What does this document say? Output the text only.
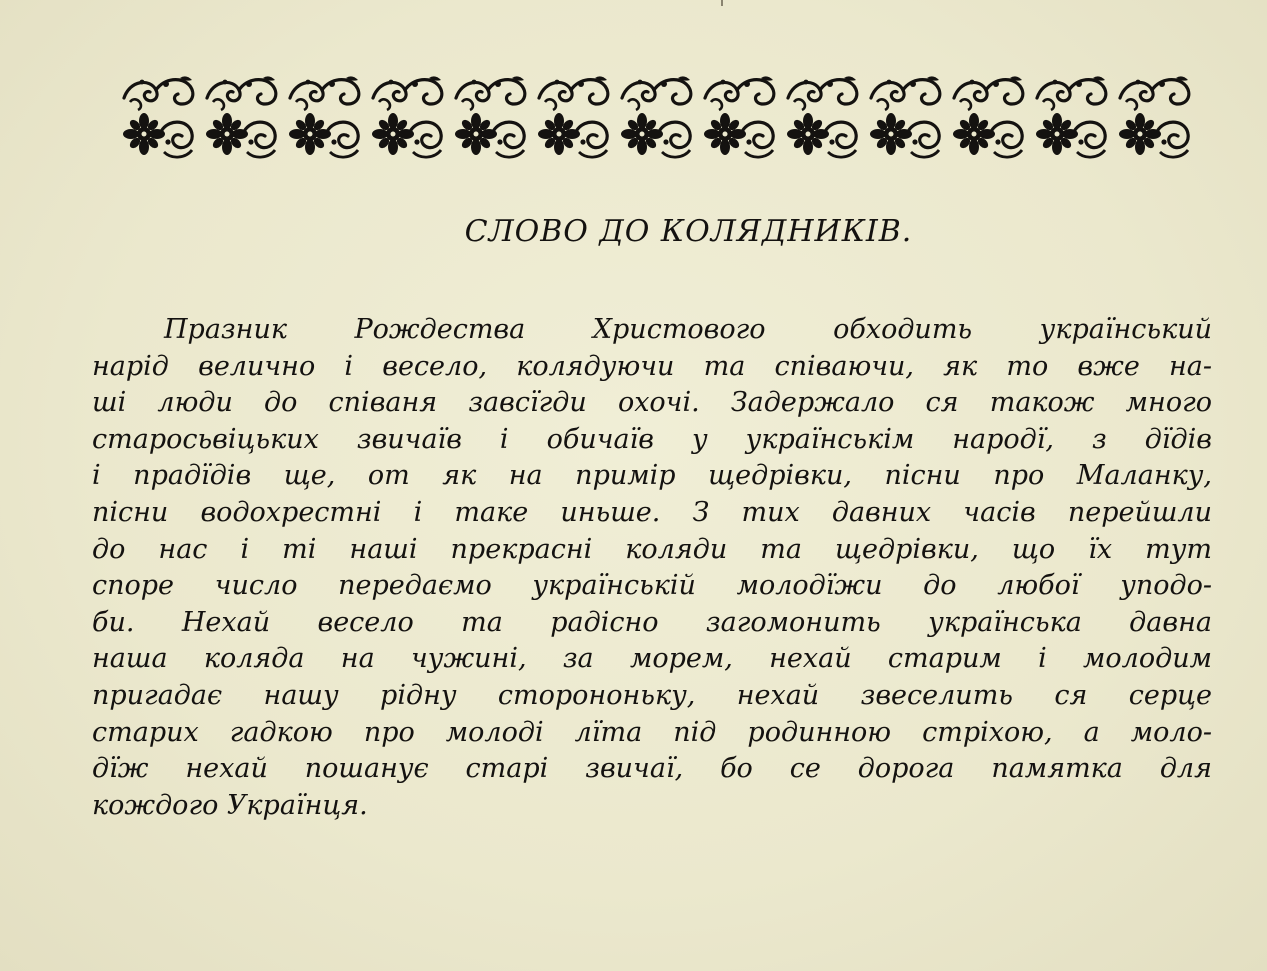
СЛОВО ДО КОЛЯДНИКІВ.
Празник Рождества Христового обходить український
нарід велично і весело, колядуючи та співаючи, як то вже на-
ші люди до співаня завсїгди охочі. Задержало ся також много
старосьвіцьких звичаїв і обичаїв у українськім народї, з дїдів
і прадїдів ще, от як на примір щедрівки, пісни про Маланку,
пісни водохрестні і таке иньше. З тих давних часів перейшли
до нас і ті наші прекрасні коляди та щедрівки, що їх тут
споре число передаємо українській молодїжи до любої уподо-
би. Нехай весело та радісно загомонить українська давна
наша коляда на чужині, за морем, нехай старим і молодим
пригадає нашу рідну сторононьку, нехай звеселить ся серце
старих гадкою про молоді лїта під родинною стріхою, а моло-
дїж нехай пошанує старі звичаї, бо се дорога памятка для
кождого Українця.
